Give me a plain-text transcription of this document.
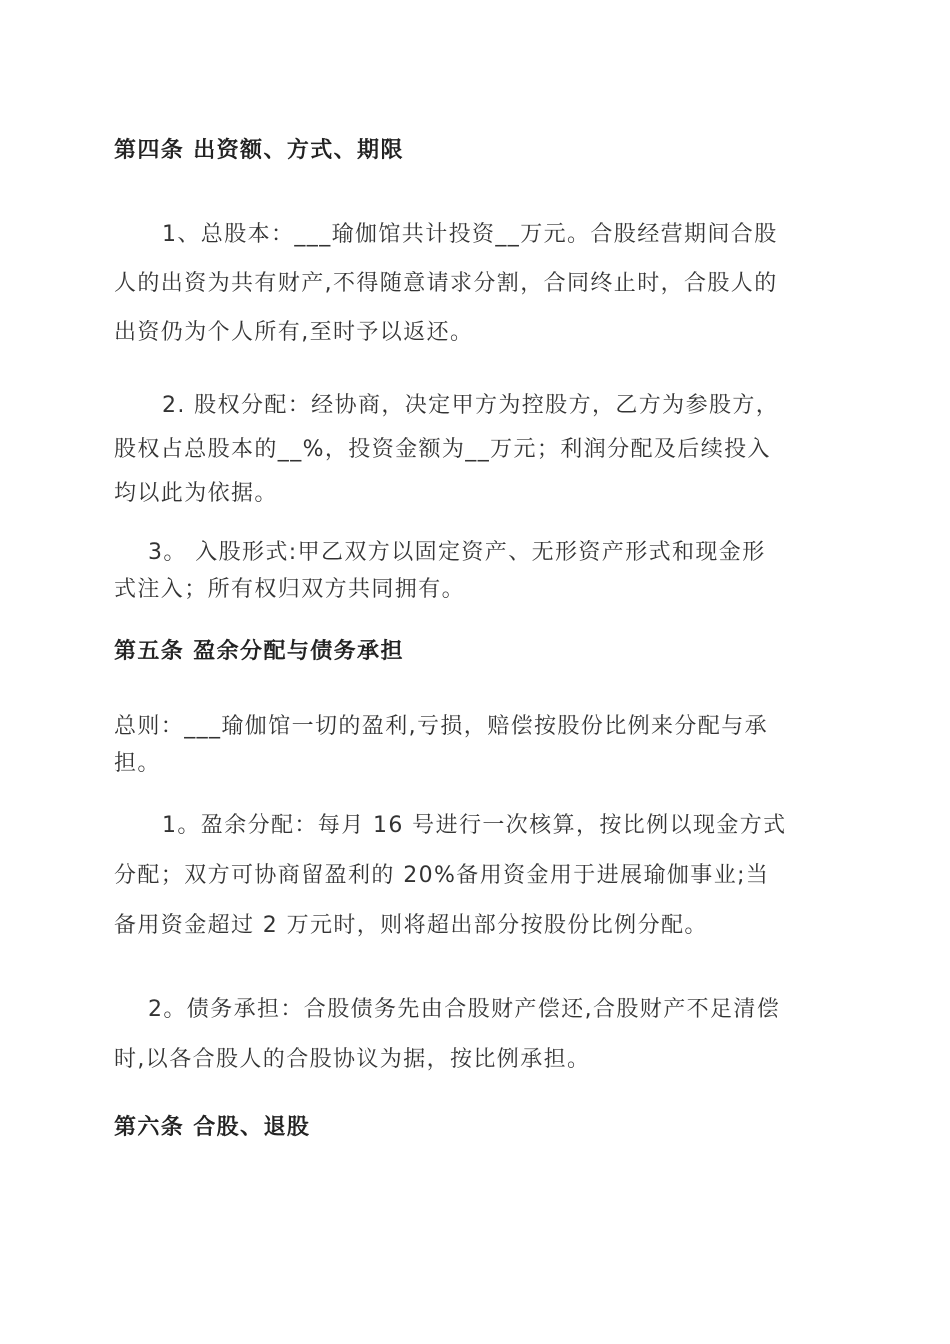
第四条 出资额、方式、期限

1、总股本：___瑜伽馆共计投资__万元。合股经营期间合股
人的出资为共有财产,不得随意请求分割，合同终止时，合股人的
出资仍为个人所有,至时予以返还。

2. 股权分配：经协商，决定甲方为控股方，乙方为参股方，
股权占总股本的__%，投资金额为__万元；利润分配及后续投入
均以此为依据。

3。 入股形式:甲乙双方以固定资产、无形资产形式和现金形
式注入；所有权归双方共同拥有。

第五条 盈余分配与债务承担

总则：___瑜伽馆一切的盈利,亏损，赔偿按股份比例来分配与承
担。

1。盈余分配：每月 16 号进行一次核算，按比例以现金方式
分配；双方可协商留盈利的 20%备用资金用于进展瑜伽事业;当
备用资金超过 2 万元时，则将超出部分按股份比例分配。

2。债务承担：合股债务先由合股财产偿还,合股财产不足清偿
时,以各合股人的合股协议为据，按比例承担。

第六条 合股、退股
